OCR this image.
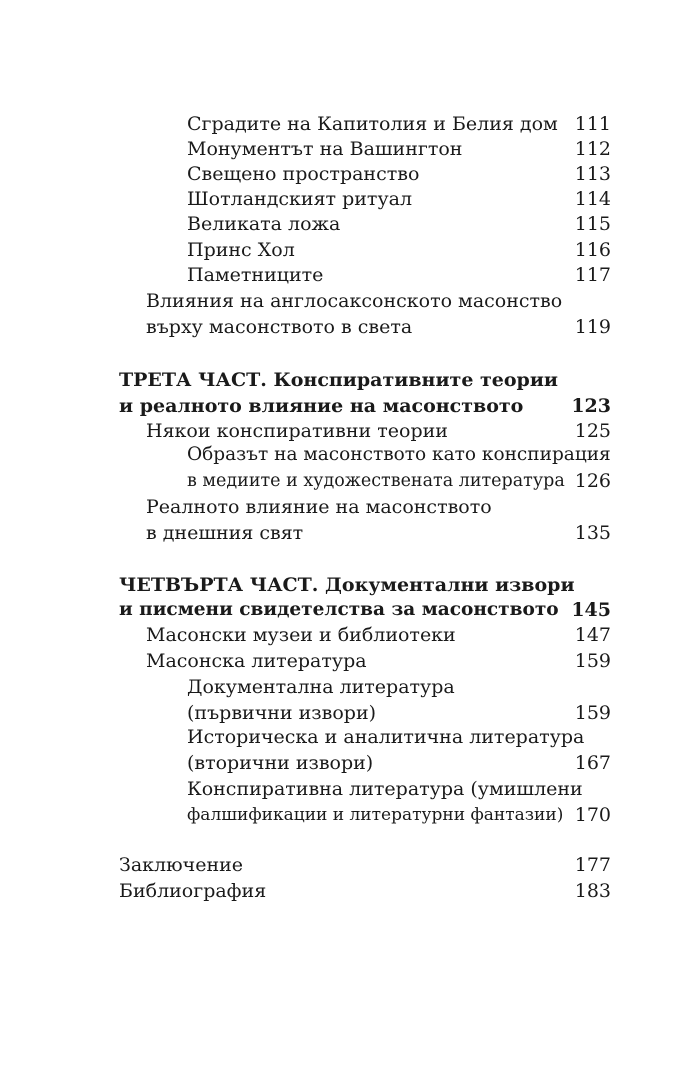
Сградите на Капитолия и Белия дом 111
Монументът на Вашингтон	112
Свещено пространство	113
Шотландският ритуал	114
Великата ложа	115
Принс Хол	116
Паметниците	117
Влияния на англосаксонското масонство
върху масонството в света	119
ТРЕТА ЧАСТ. Конспиративните теории
и реалното влияние на масонството	123
Някои конспиративни теории	125
Образът на масонството като конспирация
в медиите и художествената литература 126
Реалното влияние на масонството
в днешния свят	135
ЧЕТВЪРТА ЧАСТ. Документални извори
и писмени свидетелства за масонството 145
Масонски музеи и библиотеки	147
Масонска литература	159
Документална литература
(първични извори)	159
Историческа и аналитична литература
(вторични извори)	167
Конспиративна литература (умишлени
фалшификации и литературни фантазии) 170
Заключение	177
Библиография	183
